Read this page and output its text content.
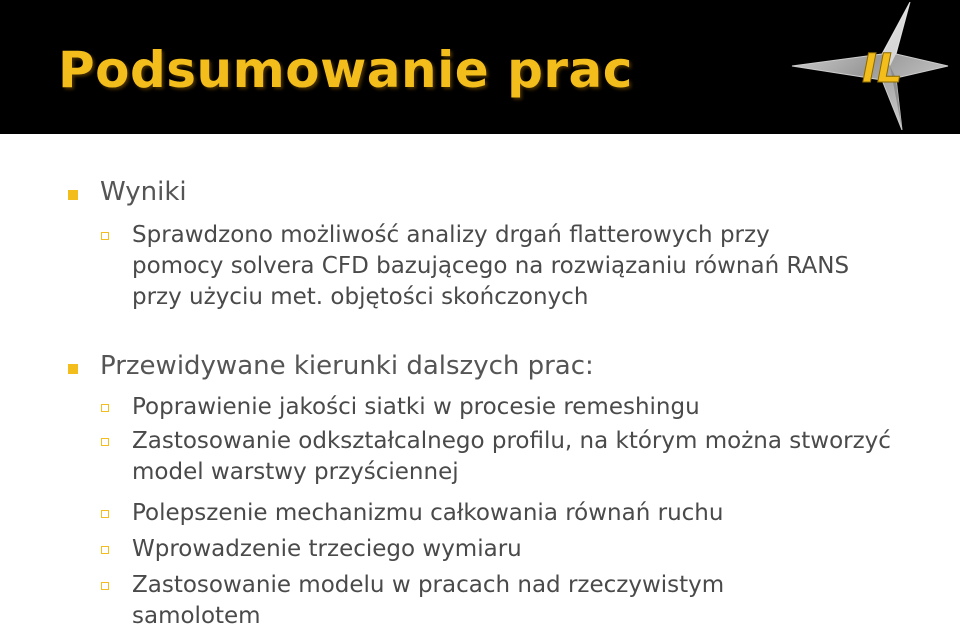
Podsumowanie prac	IL

Wyniki

Sprawdzono możliwość analizy drgań flatterowych przy pomocy solvera CFD bazującego na rozwiązaniu równań RANS przy użyciu met. objętości skończonych

Przewidywane kierunki dalszych prac:

Poprawienie jakości siatki w procesie remeshingu

Zastosowanie odkształcalnego profilu, na którym można stworzyć model warstwy przyściennej

Polepszenie mechanizmu całkowania równań ruchu

Wprowadzenie trzeciego wymiaru

Zastosowanie modelu w pracach nad rzeczywistym samolotem
